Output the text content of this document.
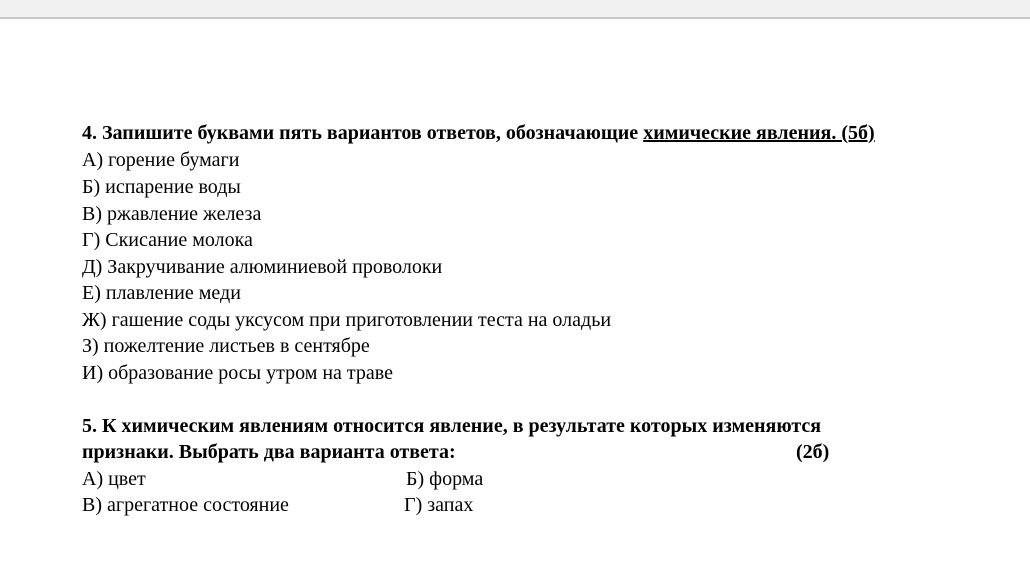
4. Запишите буквами пять вариантов ответов, обозначающие химические явления. (5б)
А) горение бумаги
Б) испарение воды
В) ржавление железа
Г) Скисание молока
Д) Закручивание алюминиевой проволоки
Е) плавление меди
Ж) гашение соды уксусом при приготовлении теста на оладьи
З) пожелтение листьев в сентябре
И) образование росы утром на траве
5. К химическим явлениям относится явление, в результате которых изменяются
признаки. Выбрать два варианта ответа:	(2б)
А) цвет	Б) форма
В) агрегатное состояние	Г) запах
